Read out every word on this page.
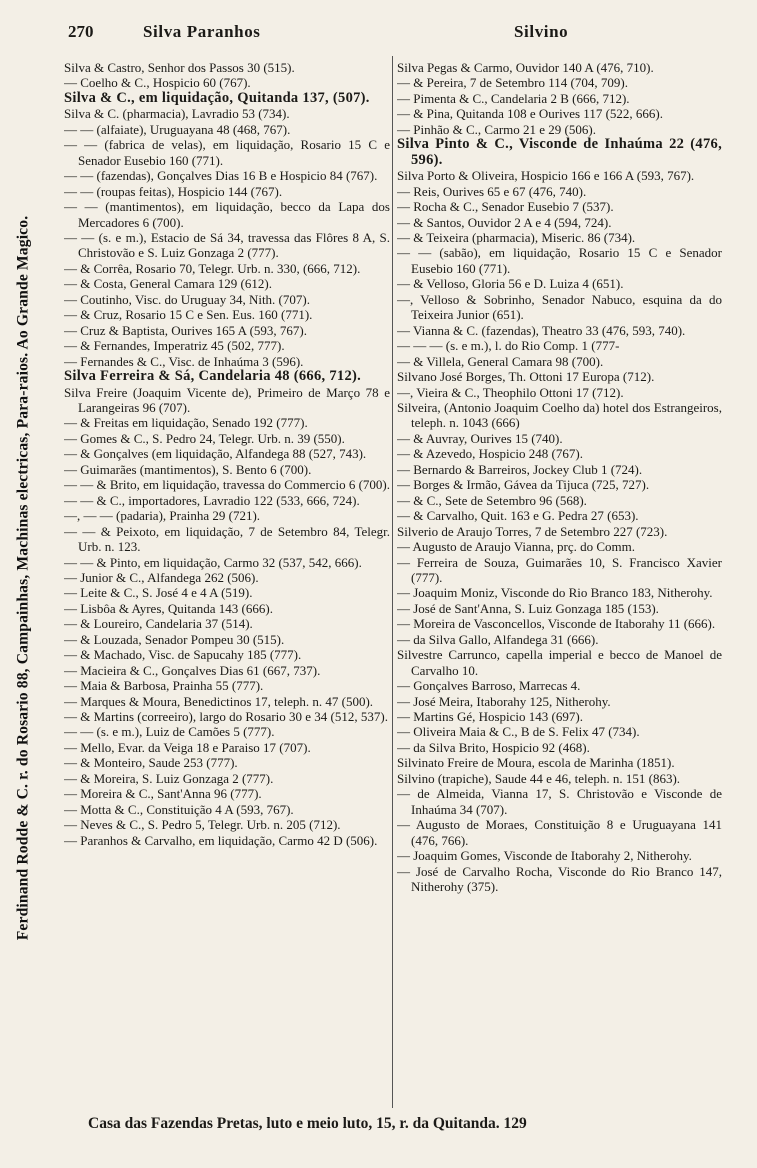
Ferdinand Rodde & C. r. do Rosario 88, Campainhas, Machinas electricas, Para-raios. Ao Grande Magico.
270	Silva Paranhos	Silvino

Silva & Castro, Senhor dos Passos 30 (515).

— Coelho & C., Hospicio 60 (767).

Silva & C., em liquidação, Quitanda 137, (507).

Silva & C. (pharmacia), Lavradio 53 (734).

— — (alfaiate), Uruguayana 48 (468, 767).

— — (fabrica de velas), em liquidação, Rosario 15 C e Senador Eusebio 160 (771).

— — (fazendas), Gonçalves Dias 16 B e Hospicio 84 (767).

— — (roupas feitas), Hospicio 144 (767).

— — (mantimentos), em liquidação, becco da Lapa dos Mercadores 6 (700).

— — (s. e m.), Estacio de Sá 34, travessa das Flôres 8 A, S. Christovão e S. Luiz Gonzaga 2 (777).

— & Corrêa, Rosario 70, Telegr. Urb. n. 330, (666, 712).

— & Costa, General Camara 129 (612).

— Coutinho, Visc. do Uruguay 34, Nith. (707).

— & Cruz, Rosario 15 C e Sen. Eus. 160 (771).

— Cruz & Baptista, Ourives 165 A (593, 767).

— & Fernandes, Imperatriz 45 (502, 777).

— Fernandes & C., Visc. de Inhaúma 3 (596).

Silva Ferreira & Sá, Candelaria 48 (666, 712).

Silva Freire (Joaquim Vicente de), Primeiro de Março 78 e Larangeiras 96 (707).

— & Freitas em liquidação, Senado 192 (777).

— Gomes & C., S. Pedro 24, Telegr. Urb. n. 39 (550).

— & Gonçalves (em liquidação, Alfandega 88 (527, 743).

— Guimarães (mantimentos), S. Bento 6 (700).

— — & Brito, em liquidação, travessa do Commercio 6 (700).

— — & C., importadores, Lavradio 122 (533, 666, 724).

—, — — (padaria), Prainha 29 (721).

— — & Peixoto, em liquidação, 7 de Setembro 84, Telegr. Urb. n. 123.

— — & Pinto, em liquidação, Carmo 32 (537, 542, 666).

— Junior & C., Alfandega 262 (506).

— Leite & C., S. José 4 e 4 A (519).

— Lisbôa & Ayres, Quitanda 143 (666).

— & Loureiro, Candelaria 37 (514).

— & Louzada, Senador Pompeu 30 (515).

— & Machado, Visc. de Sapucahy 185 (777).

— Macieira & C., Gonçalves Dias 61 (667, 737).

— Maia & Barbosa, Prainha 55 (777).

— Marques & Moura, Benedictinos 17, teleph. n. 47 (500).

— & Martins (correeiro), largo do Rosario 30 e 34 (512, 537).

— — (s. e m.), Luiz de Camões 5 (777).

— Mello, Evar. da Veiga 18 e Paraiso 17 (707).

— & Monteiro, Saude 253 (777).

— & Moreira, S. Luiz Gonzaga 2 (777).

— Moreira & C., Sant'Anna 96 (777).

— Motta & C., Constituição 4 A (593, 767).

— Neves & C., S. Pedro 5, Telegr. Urb. n. 205 (712).

— Paranhos & Carvalho, em liquidação, Carmo 42 D (506).

Silva Pegas & Carmo, Ouvidor 140 A (476, 710).

— & Pereira, 7 de Setembro 114 (704, 709).

— Pimenta & C., Candelaria 2 B (666, 712).

— & Pina, Quitanda 108 e Ourives 117 (522, 666).

— Pinhão & C., Carmo 21 e 29 (506).

Silva Pinto & C., Visconde de Inhaúma 22 (476, 596).

Silva Porto & Oliveira, Hospicio 166 e 166 A (593, 767).

— Reis, Ourives 65 e 67 (476, 740).

— Rocha & C., Senador Eusebio 7 (537).

— & Santos, Ouvidor 2 A e 4 (594, 724).

— & Teixeira (pharmacia), Miseric. 86 (734).

— — (sabão), em liquidação, Rosario 15 C e Senador Eusebio 160 (771).

— & Velloso, Gloria 56 e D. Luiza 4 (651).

—, Velloso & Sobrinho, Senador Nabuco, esquina da do Teixeira Junior (651).

— Vianna & C. (fazendas), Theatro 33 (476, 593, 740).

— — — (s. e m.), l. do Rio Comp. 1 (777-

— & Villela, General Camara 98 (700).

Silvano José Borges, Th. Ottoni 17 Europa (712).

—, Vieira & C., Theophilo Ottoni 17 (712).

Silveira, (Antonio Joaquim Coelho da) hotel dos Estrangeiros, teleph. n. 1043 (666)

— & Auvray, Ourives 15 (740).

— & Azevedo, Hospicio 248 (767).

— Bernardo & Barreiros, Jockey Club 1 (724).

— Borges & Irmão, Gávea da Tijuca (725, 727).

— & C., Sete de Setembro 96 (568).

— & Carvalho, Quit. 163 e G. Pedra 27 (653).

Silverio de Araujo Torres, 7 de Setembro 227 (723).

— Augusto de Araujo Vianna, prç. do Comm.

— Ferreira de Souza, Guimarães 10, S. Francisco Xavier (777).

— Joaquim Moniz, Visconde do Rio Branco 183, Nitherohy.

— José de Sant'Anna, S. Luiz Gonzaga 185 (153).

— Moreira de Vasconcellos, Visconde de Itaborahy 11 (666).

— da Silva Gallo, Alfandega 31 (666).

Silvestre Carrunco, capella imperial e becco de Manoel de Carvalho 10.

— Gonçalves Barroso, Marrecas 4.

— José Meira, Itaborahy 125, Nitherohy.

— Martins Gé, Hospicio 143 (697).

— Oliveira Maia & C., B de S. Felix 47 (734).

— da Silva Brito, Hospicio 92 (468).

Silvinato Freire de Moura, escola de Marinha (1851).

Silvino (trapiche), Saude 44 e 46, teleph. n. 151 (863).

— de Almeida, Vianna 17, S. Christovão e Visconde de Inhaúma 34 (707).

— Augusto de Moraes, Constituição 8 e Uruguayana 141 (476, 766).

— Joaquim Gomes, Visconde de Itaborahy 2, Nitherohy.

— José de Carvalho Rocha, Visconde do Rio Branco 147, Nitherohy (375).

Casa das Fazendas Pretas, luto e meio luto, 15, r. da Quitanda. 129
